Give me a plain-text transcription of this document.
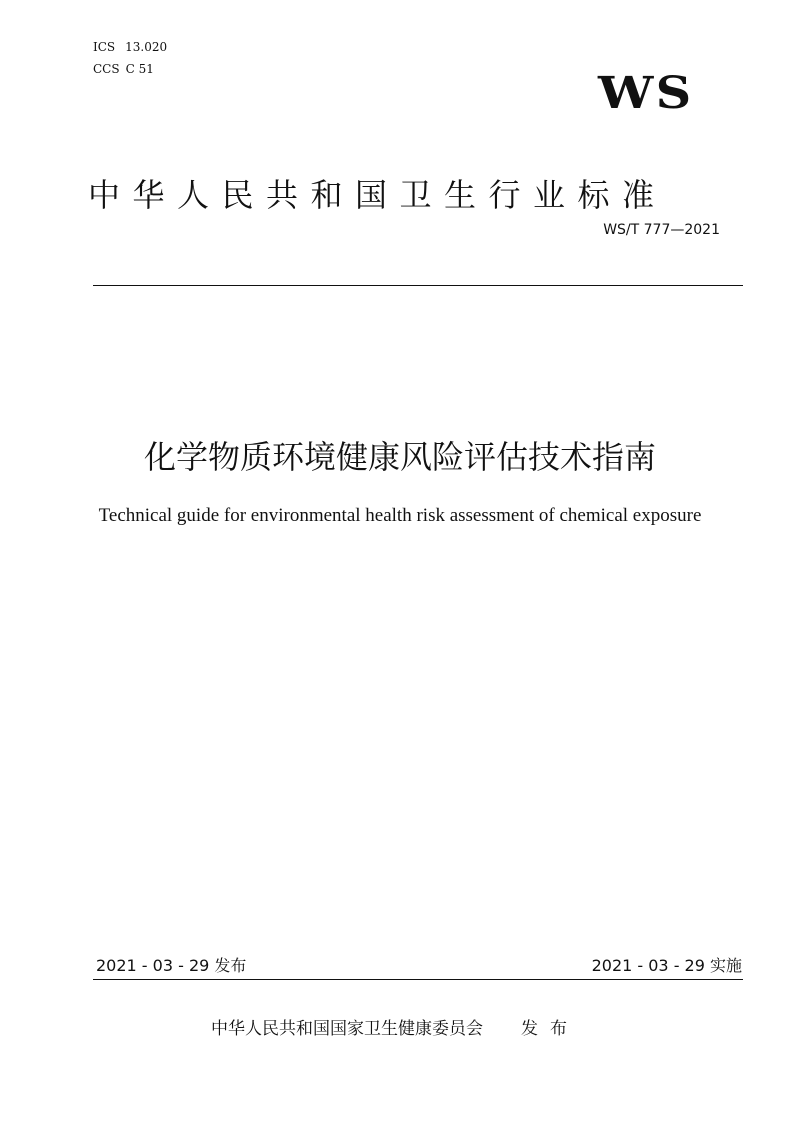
ICS 13.020
CCS C 51	WS
中华人民共和国卫生行业标准
WS/T 777—2021
化学物质环境健康风险评估技术指南
Technical guide for environmental health risk assessment of chemical exposure
2021 - 03 - 29 发布	2021 - 03 - 29 实施
中华人民共和国国家卫生健康委员会 发布
